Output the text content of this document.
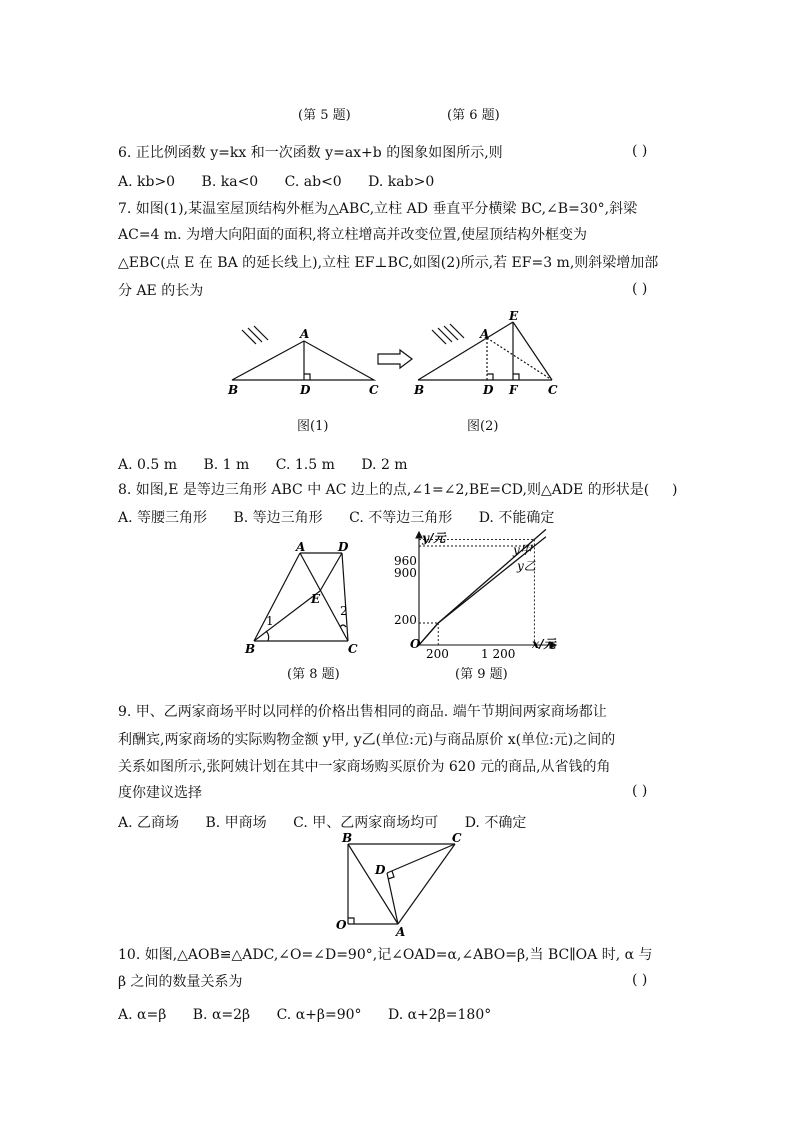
(第 5 题)	(第 6 题)
6. 正比例函数 y=kx 和一次函数 y=ax+b 的图象如图所示,则	( )
A. kb>0 B. ka<0 C. ab<0 D. kab>0
7. 如图(1),某温室屋顶结构外框为△ABC,立柱 AD 垂直平分横梁 BC,∠B=30°,斜梁
AC=4 m. 为增大向阳面的面积,将立柱增高并改变位置,使屋顶结构外框变为
△EBC(点 E 在 BA 的延长线上),立柱 EF⊥BC,如图(2)所示,若 EF=3 m,则斜梁增加部
分 AE 的长为	( )
A
B	D	C
E
A
B	D F	C
图(1)	图(2)
A. 0.5 m B. 1 m C. 1.5 m D. 2 m
8. 如图,E 是等边三角形 ABC 中 AC 边上的点,∠1=∠2,BE=CD,则△ADE 的形状是( )
A. 等腰三角形 B. 等边三角形 C. 不等边三角形 D. 不能确定
A	D
E
1
2
B	C
y/元
x/元
O
960
900
200
200	1 200
y甲
y乙
(第 8 题)	(第 9 题)
9. 甲、乙两家商场平时以同样的价格出售相同的商品. 端午节期间两家商场都让
利酬宾,两家商场的实际购物金额 y甲, y乙(单位:元)与商品原价 x(单位:元)之间的
关系如图所示,张阿姨计划在其中一家商场购买原价为 620 元的商品,从省钱的角
度你建议选择	( )
A. 乙商场 B. 甲商场 C. 甲、乙两家商场均可 D. 不确定
B	C
D
O	A
10. 如图,△AOB≌△ADC,∠O=∠D=90°,记∠OAD=α,∠ABO=β,当 BC∥OA 时, α 与
β 之间的数量关系为	( )
A. α=β B. α=2β C. α+β=90° D. α+2β=180°
